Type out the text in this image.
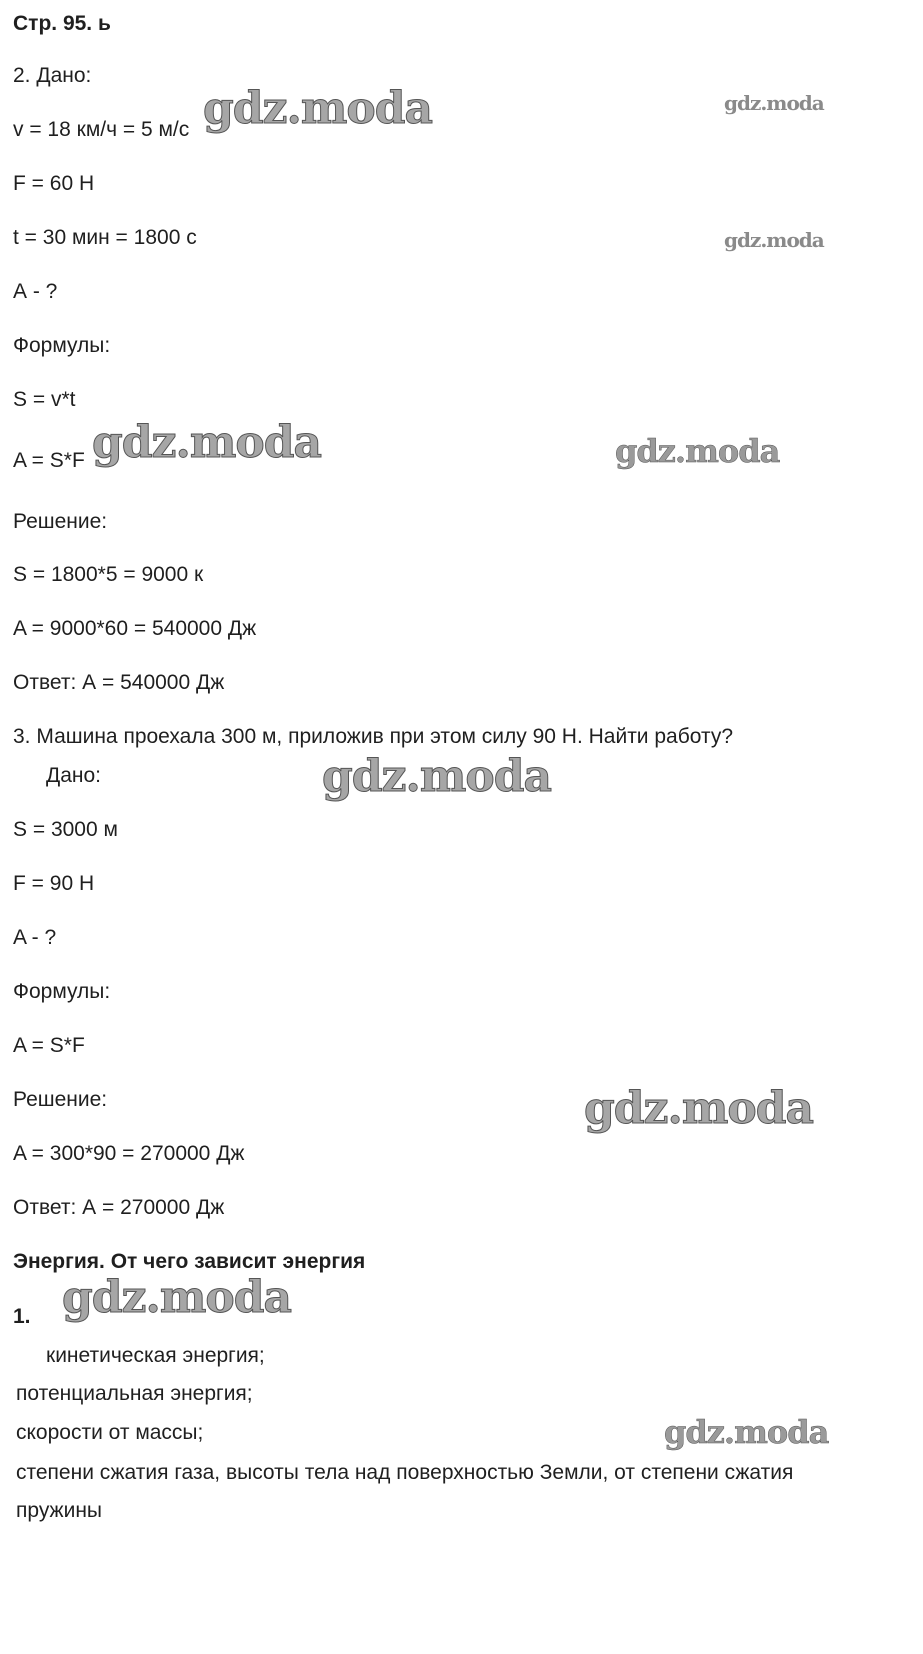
Стр. 95. ь
2. Дано:
v = 18 км/ч = 5 м/с
F = 60 Н
t = 30 мин = 1800 с
А - ?
Формулы:
S = v*t
A = S*F
Решение:
S = 1800*5 = 9000 к
A = 9000*60 = 540000 Дж
Ответ: А = 540000 Дж
3. Машина проехала 300 м, приложив при этом силу 90 Н. Найти работу?
Дано:
S = 3000 м
F = 90 Н
A - ?
Формулы:
A = S*F
Решение:
A = 300*90 = 270000 Дж
Ответ: А = 270000 Дж
Энергия. От чего зависит энергия
1.
кинетическая энергия;
потенциальная энергия;
скорости от массы;
степени сжатия газа, высоты тела над поверхностью Земли, от степени сжатия
пружины
gdz.moda	gdz.moda
gdz.moda
gdz.moda	gdz.moda
gdz.moda
gdz.moda
gdz.moda
gdz.moda
